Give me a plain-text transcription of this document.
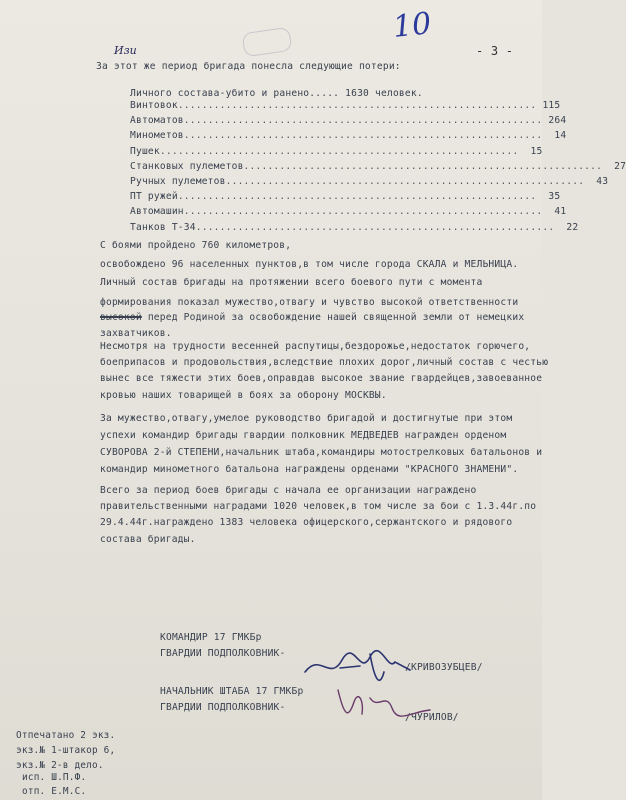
10
Изи	- 3 -
За этот же период бригада понесла следующие потери:
Личного состава-убито и ранено..... 1630 человек.
Винтовок ............................................................ 115
Автоматов ............................................................ 264
Минометов ............................................................	14
Пушек ............................................................	15
Станковых пулеметов ............................................................	27
Ручных пулеметов ............................................................	43
ПТ ружей ............................................................	35
Автомашин ............................................................	41
Танков Т-34 ............................................................	22
С боями пройдено 760 километров,
освобождено 96 населенных пунктов,в том числе города СКАЛА и МЕЛЬНИЦА.
Личный состав бригады на протяжении всего боевого пути с момента
формирования показал мужество,отвагу и чувство высокой ответственности
высокой перед Родиной за освобождение нашей священной земли от немецких
захватчиков.
Несмотря на трудности весенней распутицы,бездорожье,недостаток горючего,
боеприпасов и продовольствия,вследствие плохих дорог,личный состав с честью
вынес все тяжести этих боев,оправдав высокое звание гвардейцев,завоеванное
кровью наших товарищей в боях за оборону МОСКВЫ.
За мужество,отвагу,умелое руководство бригадой и достигнутые при этом
успехи командир бригады гвардии полковник МЕДВЕДЕВ награжден орденом
СУВОРОВА 2-й СТЕПЕНИ,начальник штаба,командиры мотострелковых батальонов и
командир минометного батальона награждены орденами "КРАСНОГО ЗНАМЕНИ".
Всего за период боев бригады с начала ее организации награждено
правительственными наградами 1020 человек,в том числе за бои с 1.3.44г.по
29.4.44г.награждено 1383 человека офицерского,сержантского и рядового
состава бригады.
КОМАНДИР 17 ГМКБр
ГВАРДИИ ПОДПОЛКОВНИК-
/КРИВОЗУБЦЕВ/
НАЧАЛЬНИК ШТАБА 17 ГМКБр
ГВАРДИИ ПОДПОЛКОВНИК-
/ЧУРИЛОВ/
Отпечатано 2 экз.
экз.№ 1-штакор 6,
экз.№ 2-в дело.
исп. Ш.П.Ф.
отп. Е.М.С.
